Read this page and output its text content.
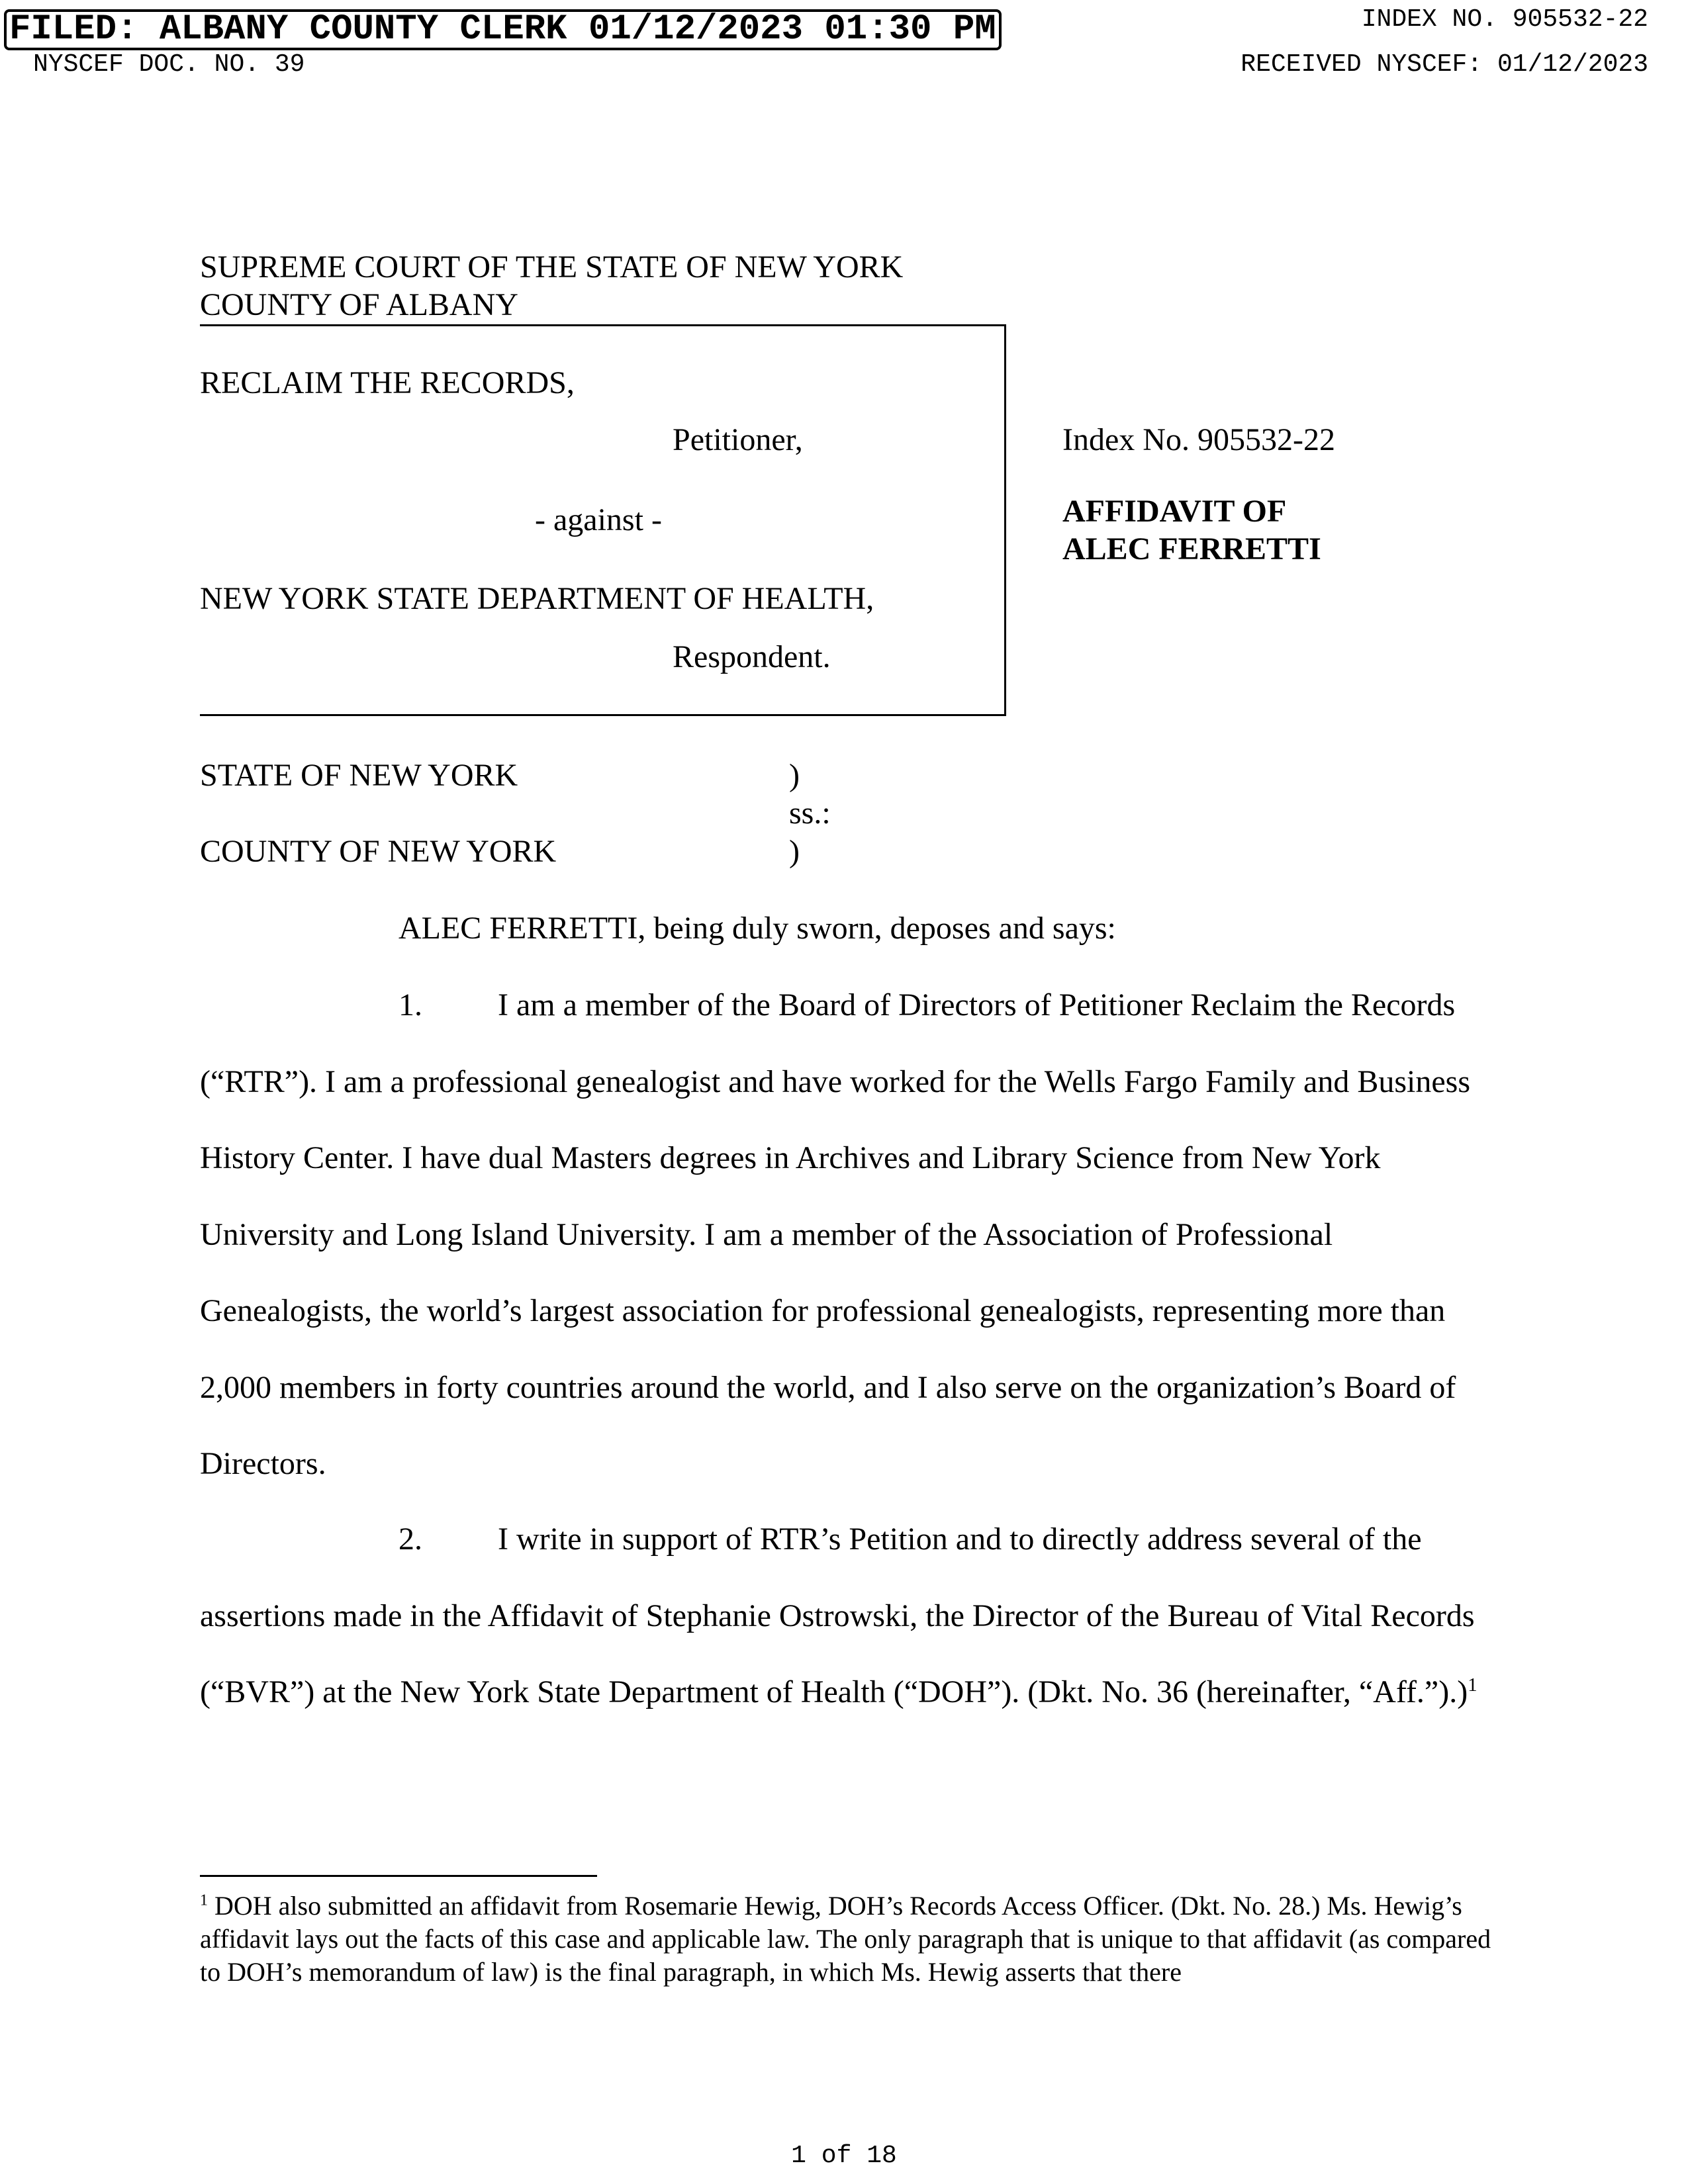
FILED: ALBANY COUNTY CLERK 01/12/2023 01:30 PM	INDEX NO. 905532-22
NYSCEF DOC. NO. 39	RECEIVED NYSCEF: 01/12/2023
SUPREME COURT OF THE STATE OF NEW YORK
COUNTY OF ALBANY
RECLAIM THE RECORDS,
Petitioner,
- against -
NEW YORK STATE DEPARTMENT OF HEALTH,
Respondent.
Index No. 905532-22
AFFIDAVIT OF
ALEC FERRETTI
STATE OF NEW YORK	)
ss.:
COUNTY OF NEW YORK	)
ALEC FERRETTI, being duly sworn, deposes and says:

1. I am a member of the Board of Directors of Petitioner Reclaim the Records (“RTR”). I am a professional genealogist and have worked for the Wells Fargo Family and Business History Center. I have dual Masters degrees in Archives and Library Science from New York University and Long Island University. I am a member of the Association of Professional Genealogists, the world’s largest association for professional genealogists, representing more than 2,000 members in forty countries around the world, and I also serve on the organization’s Board of Directors.

2. I write in support of RTR’s Petition and to directly address several of the assertions made in the Affidavit of Stephanie Ostrowski, the Director of the Bureau of Vital Records (“BVR”) at the New York State Department of Health (“DOH”). (Dkt. No. 36 (hereinafter, “Aff.”).)$^1$

$^1$ DOH also submitted an affidavit from Rosemarie Hewig, DOH’s Records Access Officer. (Dkt. No. 28.) Ms. Hewig’s affidavit lays out the facts of this case and applicable law. The only paragraph that is unique to that affidavit (as compared to DOH’s memorandum of law) is the final paragraph, in which Ms. Hewig asserts that there

1 of 18
